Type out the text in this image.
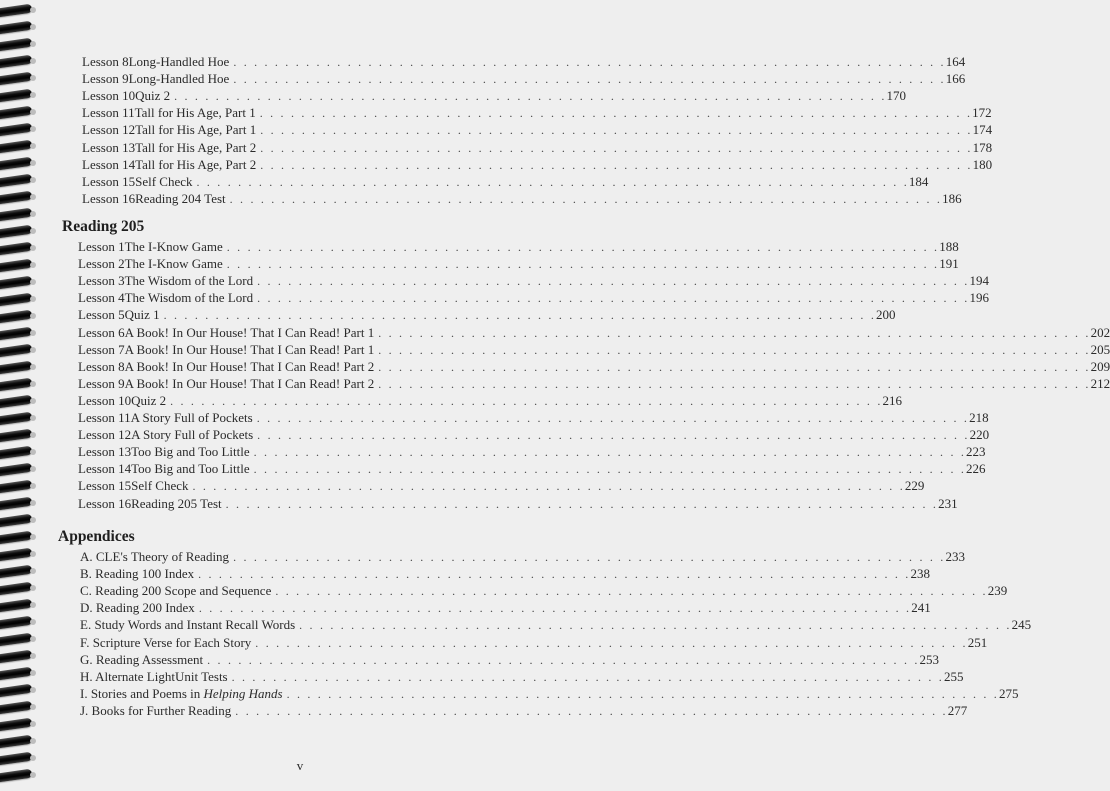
Lesson 8 Long-Handled Hoe . . . . . . . . . . . . . . . . . . . . . . . . . . . . . . . . . . . . . . . . . . . . . . . . . . . . . . . . . . . . . . . . . . . . . 164
Lesson 9 Long-Handled Hoe . . . . . . . . . . . . . . . . . . . . . . . . . . . . . . . . . . . . . . . . . . . . . . . . . . . . . . . . . . . . . . . . . . . . . 166
Lesson 10 Quiz 2 . . . . . . . . . . . . . . . . . . . . . . . . . . . . . . . . . . . . . . . . . . . . . . . . . . . . . . . . . . . . . . . . . . . . . 170
Lesson 11 Tall for His Age, Part 1 . . . . . . . . . . . . . . . . . . . . . . . . . . . . . . . . . . . . . . . . . . . . . . . . . . . . . . . . . . . . . . . . . . . . . 172
Lesson 12 Tall for His Age, Part 1 . . . . . . . . . . . . . . . . . . . . . . . . . . . . . . . . . . . . . . . . . . . . . . . . . . . . . . . . . . . . . . . . . . . . . 174
Lesson 13 Tall for His Age, Part 2 . . . . . . . . . . . . . . . . . . . . . . . . . . . . . . . . . . . . . . . . . . . . . . . . . . . . . . . . . . . . . . . . . . . . . 178
Lesson 14 Tall for His Age, Part 2 . . . . . . . . . . . . . . . . . . . . . . . . . . . . . . . . . . . . . . . . . . . . . . . . . . . . . . . . . . . . . . . . . . . . . 180
Lesson 15 Self Check . . . . . . . . . . . . . . . . . . . . . . . . . . . . . . . . . . . . . . . . . . . . . . . . . . . . . . . . . . . . . . . . . . . . . 184
Lesson 16 Reading 204 Test . . . . . . . . . . . . . . . . . . . . . . . . . . . . . . . . . . . . . . . . . . . . . . . . . . . . . . . . . . . . . . . . . . . . . 186
Reading 205
Lesson 1 The I-Know Game . . . . . . . . . . . . . . . . . . . . . . . . . . . . . . . . . . . . . . . . . . . . . . . . . . . . . . . . . . . . . . . . . . . . . 188
Lesson 2 The I-Know Game . . . . . . . . . . . . . . . . . . . . . . . . . . . . . . . . . . . . . . . . . . . . . . . . . . . . . . . . . . . . . . . . . . . . . 191
Lesson 3 The Wisdom of the Lord . . . . . . . . . . . . . . . . . . . . . . . . . . . . . . . . . . . . . . . . . . . . . . . . . . . . . . . . . . . . . . . . . . . . . 194
Lesson 4 The Wisdom of the Lord . . . . . . . . . . . . . . . . . . . . . . . . . . . . . . . . . . . . . . . . . . . . . . . . . . . . . . . . . . . . . . . . . . . . . 196
Lesson 5 Quiz 1 . . . . . . . . . . . . . . . . . . . . . . . . . . . . . . . . . . . . . . . . . . . . . . . . . . . . . . . . . . . . . . . . . . . . . 200
Lesson 6 A Book! In Our House! That I Can Read! Part 1 . . . . . . . . . . . . . . . . . . . . . . . . . . . . . . . . . . . . . . . . . . . . . . . . . . . . . . . . . . . . . . . . . . . . . 202
Lesson 7 A Book! In Our House! That I Can Read! Part 1 . . . . . . . . . . . . . . . . . . . . . . . . . . . . . . . . . . . . . . . . . . . . . . . . . . . . . . . . . . . . . . . . . . . . . 205
Lesson 8 A Book! In Our House! That I Can Read! Part 2 . . . . . . . . . . . . . . . . . . . . . . . . . . . . . . . . . . . . . . . . . . . . . . . . . . . . . . . . . . . . . . . . . . . . . 209
Lesson 9 A Book! In Our House! That I Can Read! Part 2 . . . . . . . . . . . . . . . . . . . . . . . . . . . . . . . . . . . . . . . . . . . . . . . . . . . . . . . . . . . . . . . . . . . . . 212
Lesson 10 Quiz 2 . . . . . . . . . . . . . . . . . . . . . . . . . . . . . . . . . . . . . . . . . . . . . . . . . . . . . . . . . . . . . . . . . . . . . 216
Lesson 11 A Story Full of Pockets . . . . . . . . . . . . . . . . . . . . . . . . . . . . . . . . . . . . . . . . . . . . . . . . . . . . . . . . . . . . . . . . . . . . . 218
Lesson 12 A Story Full of Pockets . . . . . . . . . . . . . . . . . . . . . . . . . . . . . . . . . . . . . . . . . . . . . . . . . . . . . . . . . . . . . . . . . . . . . 220
Lesson 13 Too Big and Too Little . . . . . . . . . . . . . . . . . . . . . . . . . . . . . . . . . . . . . . . . . . . . . . . . . . . . . . . . . . . . . . . . . . . . . 223
Lesson 14 Too Big and Too Little . . . . . . . . . . . . . . . . . . . . . . . . . . . . . . . . . . . . . . . . . . . . . . . . . . . . . . . . . . . . . . . . . . . . . 226
Lesson 15 Self Check . . . . . . . . . . . . . . . . . . . . . . . . . . . . . . . . . . . . . . . . . . . . . . . . . . . . . . . . . . . . . . . . . . . . . 229
Lesson 16 Reading 205 Test . . . . . . . . . . . . . . . . . . . . . . . . . . . . . . . . . . . . . . . . . . . . . . . . . . . . . . . . . . . . . . . . . . . . . 231
Appendices
A. CLE's Theory of Reading . . . . . . . . . . . . . . . . . . . . . . . . . . . . . . . . . . . . . . . . . . . . . . . . . . . . . . . . . . . . . . . . . . . . . 233
B. Reading 100 Index . . . . . . . . . . . . . . . . . . . . . . . . . . . . . . . . . . . . . . . . . . . . . . . . . . . . . . . . . . . . . . . . . . . . . 238
C. Reading 200 Scope and Sequence . . . . . . . . . . . . . . . . . . . . . . . . . . . . . . . . . . . . . . . . . . . . . . . . . . . . . . . . . . . . . . . . . . . . . 239
D. Reading 200 Index . . . . . . . . . . . . . . . . . . . . . . . . . . . . . . . . . . . . . . . . . . . . . . . . . . . . . . . . . . . . . . . . . . . . . 241
E. Study Words and Instant Recall Words . . . . . . . . . . . . . . . . . . . . . . . . . . . . . . . . . . . . . . . . . . . . . . . . . . . . . . . . . . . . . . . . . . . . . 245
F. Scripture Verse for Each Story . . . . . . . . . . . . . . . . . . . . . . . . . . . . . . . . . . . . . . . . . . . . . . . . . . . . . . . . . . . . . . . . . . . . . 251
G. Reading Assessment . . . . . . . . . . . . . . . . . . . . . . . . . . . . . . . . . . . . . . . . . . . . . . . . . . . . . . . . . . . . . . . . . . . . . 253
H. Alternate LightUnit Tests . . . . . . . . . . . . . . . . . . . . . . . . . . . . . . . . . . . . . . . . . . . . . . . . . . . . . . . . . . . . . . . . . . . . . 255
I. Stories and Poems in Helping Hands . . . . . . . . . . . . . . . . . . . . . . . . . . . . . . . . . . . . . . . . . . . . . . . . . . . . . . . . . . . . . . . . . . . . . 275
J. Books for Further Reading . . . . . . . . . . . . . . . . . . . . . . . . . . . . . . . . . . . . . . . . . . . . . . . . . . . . . . . . . . . . . . . . . . . . . 277
v
